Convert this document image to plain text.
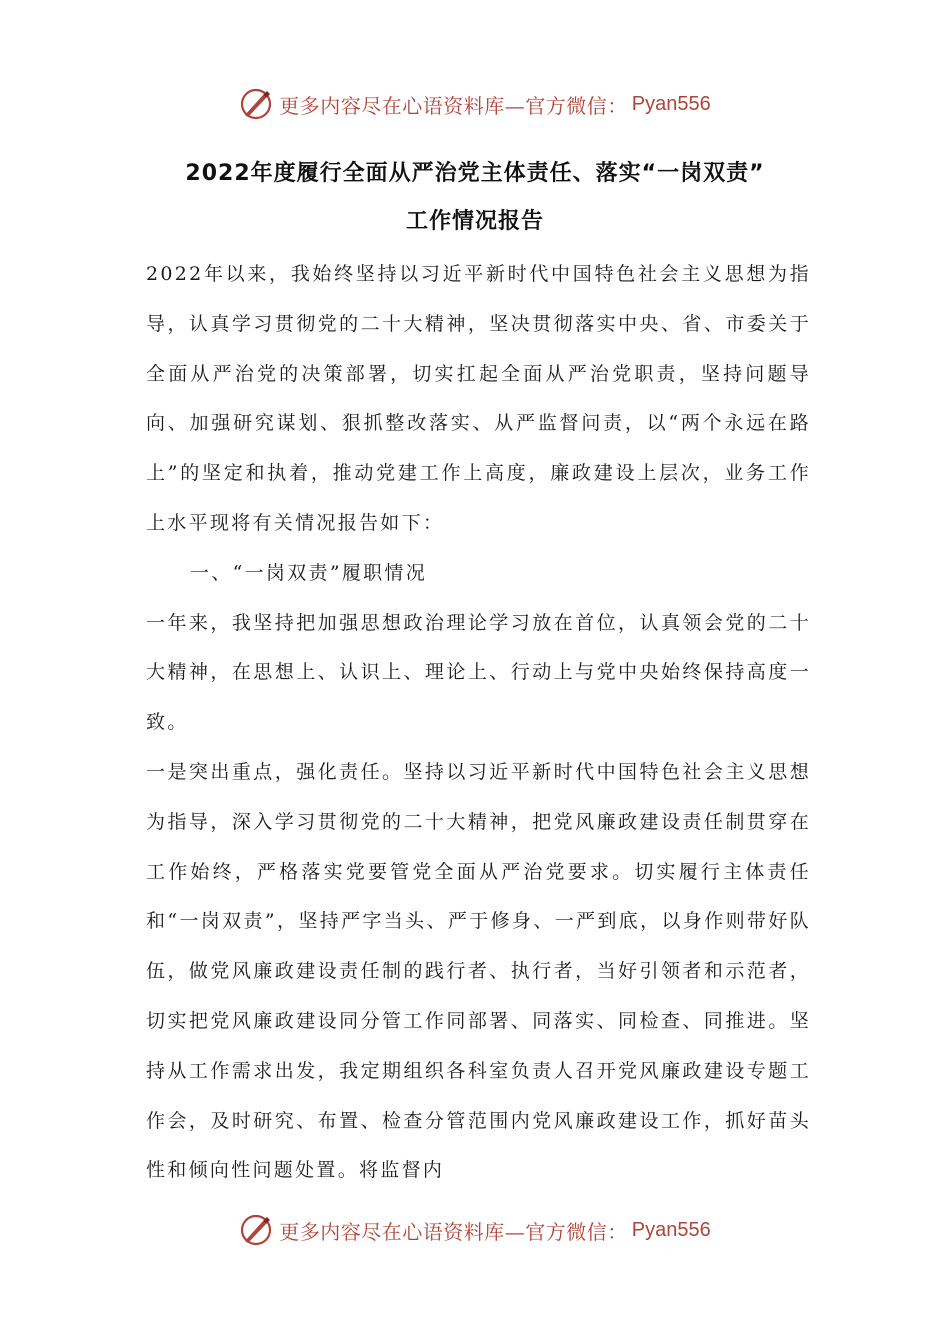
更多内容尽在心语资料库—官方微信： Pyan556
2022年度履行全面从严治党主体责任、落实“一岗双责”
工作情况报告

2022年以来，我始终坚持以习近平新时代中国特色社会主义思想为指导，认真学习贯彻党的二十大精神，坚决贯彻落实中央、省、市委关于全面从严治党的决策部署，切实扛起全面从严治党职责，坚持问题导向、加强研究谋划、狠抓整改落实、从严监督问责，以“两个永远在路上”的坚定和执着，推动党建工作上高度，廉政建设上层次，业务工作上水平现将有关情况报告如下：

一、“一岗双责”履职情况

一年来，我坚持把加强思想政治理论学习放在首位，认真领会党的二十大精神，在思想上、认识上、理论上、行动上与党中央始终保持高度一致。

一是突出重点，强化责任。坚持以习近平新时代中国特色社会主义思想为指导，深入学习贯彻党的二十大精神，把党风廉政建设责任制贯穿在工作始终，严格落实党要管党全面从严治党要求。切实履行主体责任和“一岗双责”，坚持严字当头、严于修身、一严到底，以身作则带好队伍，做党风廉政建设责任制的践行者、执行者，当好引领者和示范者，切实把党风廉政建设同分管工作同部署、同落实、同检查、同推进。坚持从工作需求出发，我定期组织各科室负责人召开党风廉政建设专题工作会，及时研究、布置、检查分管范围内党风廉政建设工作，抓好苗头性和倾向性问题处置。将监督内

更多内容尽在心语资料库—官方微信： Pyan556
